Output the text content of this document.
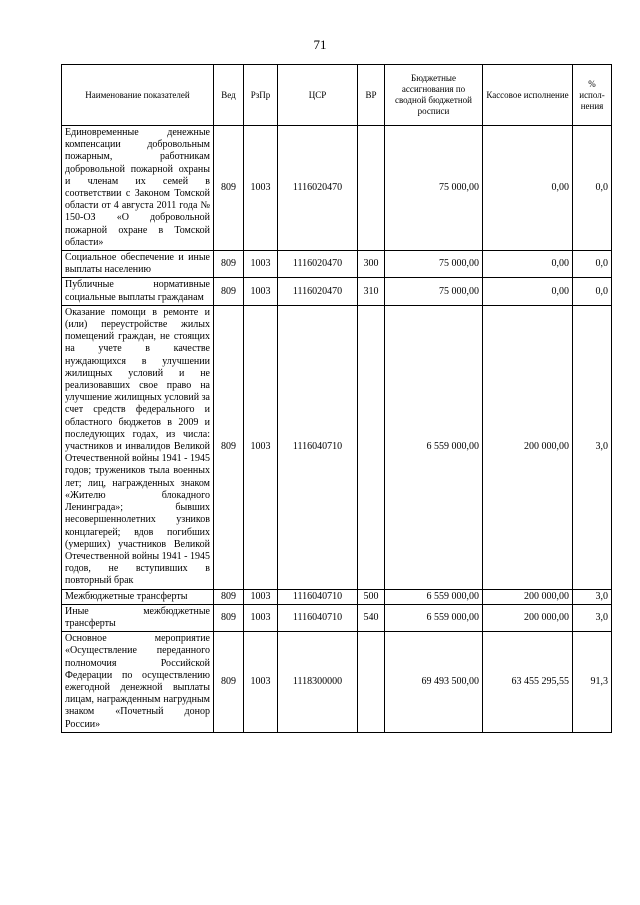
71
Наименование показателей	Вед	РзПр	ЦСР	ВР	Бюджетные ассигнования по сводной бюджетной росписи	Кассовое исполнение	% испол-нения
Единовременные денежные компенсации добровольным пожарным, работникам добровольной пожарной охраны и членам их семей в соответствии с Законом Томской области от 4 августа 2011 года № 150-ОЗ «О добровольной пожарной охране в Томской области»	809	1003	1116020470		75 000,00	0,00	0,0
Социальное обеспечение и иные выплаты населению	809	1003	1116020470	300	75 000,00	0,00	0,0
Публичные нормативные социальные выплаты гражданам	809	1003	1116020470	310	75 000,00	0,00	0,0
Оказание помощи в ремонте и (или) переустройстве жилых помещений граждан, не стоящих на учете в качестве нуждающихся в улучшении жилищных условий и не реализовавших свое право на улучшение жилищных условий за счет средств федерального и областного бюджетов в 2009 и последующих годах, из числа: участников и инвалидов Великой Отечественной войны 1941 - 1945 годов; тружеников тыла военных лет; лиц, награжденных знаком «Жителю блокадного Ленинграда»; бывших несовершеннолетних узников концлагерей; вдов погибших (умерших) участников Великой Отечественной войны 1941 - 1945 годов, не вступивших в повторный брак	809	1003	1116040710		6 559 000,00	200 000,00	3,0
Межбюджетные трансферты	809	1003	1116040710	500	6 559 000,00	200 000,00	3,0
Иные межбюджетные трансферты	809	1003	1116040710	540	6 559 000,00	200 000,00	3,0
Основное мероприятие «Осуществление переданного полномочия Российской Федерации по осуществлению ежегодной денежной выплаты лицам, награжденным нагрудным знаком «Почетный донор России»	809	1003	1118300000		69 493 500,00	63 455 295,55	91,3
